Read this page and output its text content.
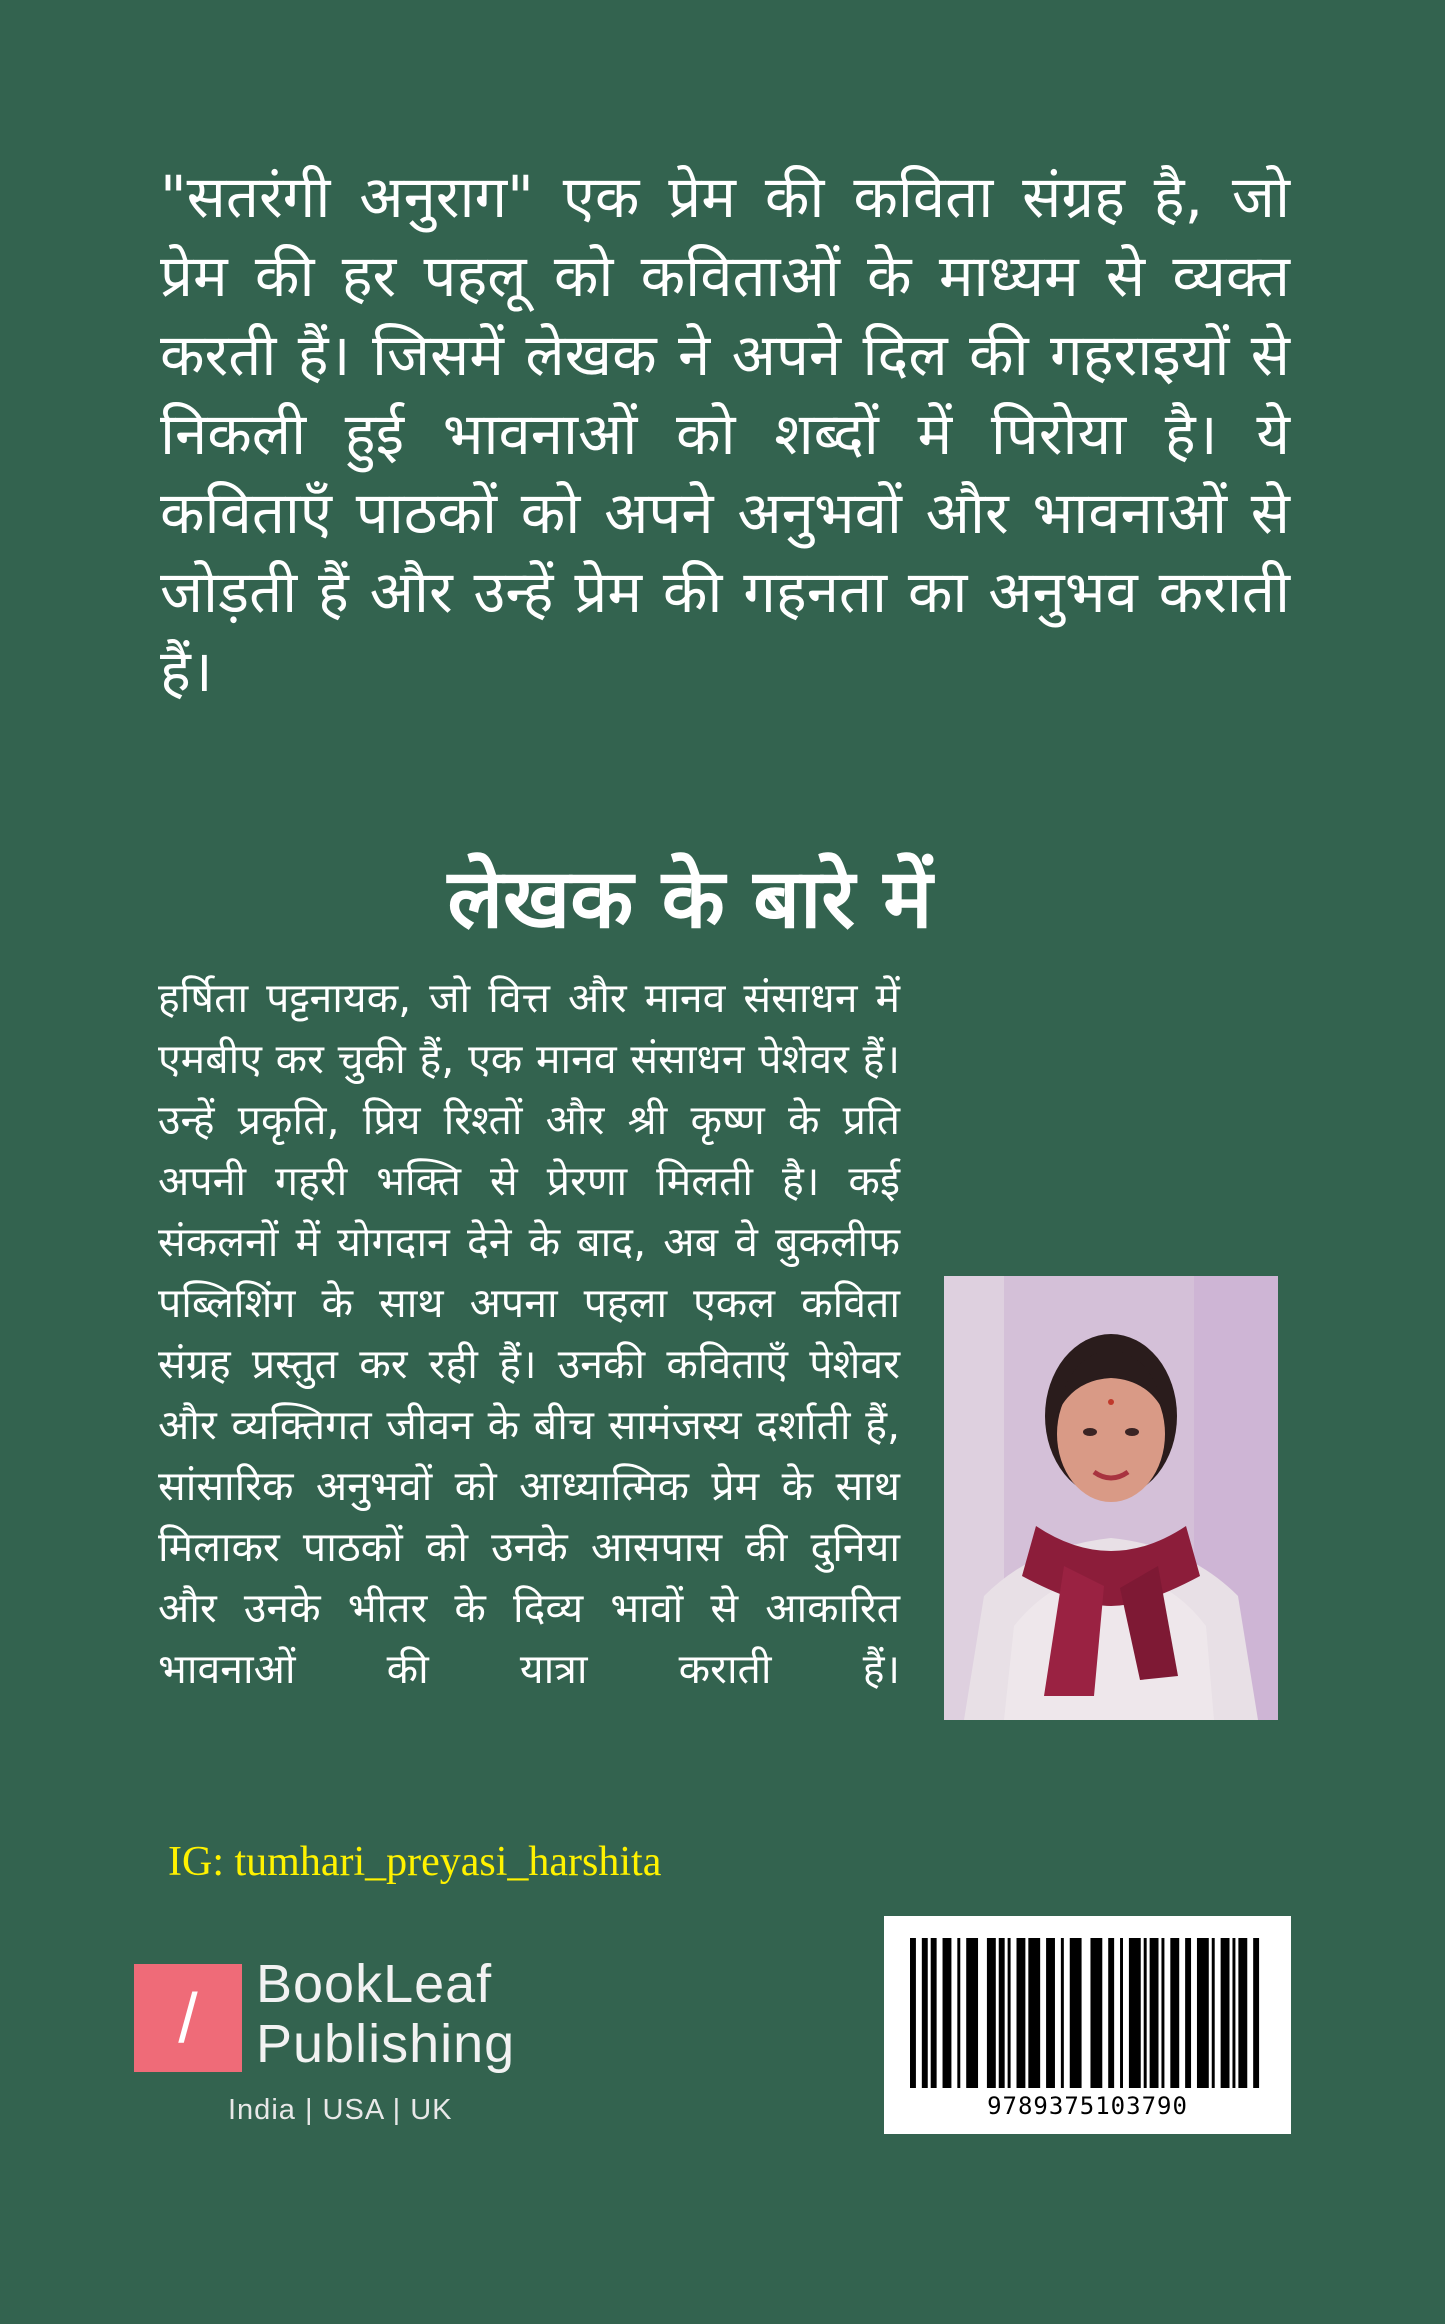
"सतरंगी अनुराग" एक प्रेम की कविता संग्रह है, जो प्रेम की हर पहलू को कविताओं के माध्यम से व्यक्त करती हैं। जिसमें लेखक ने अपने दिल की गहराइयों से निकली हुई भावनाओं को शब्दों में पिरोया है। ये कविताएँ पाठकों को अपने अनुभवों और भावनाओं से जोड़ती हैं और उन्हें प्रेम की गहनता का अनुभव कराती हैं।

लेखक के बारे में

हर्षिता पट्टनायक, जो वित्त और मानव संसाधन में एमबीए कर चुकी हैं, एक मानव संसाधन पेशेवर हैं। उन्हें प्रकृति, प्रिय रिश्तों और श्री कृष्ण के प्रति अपनी गहरी भक्ति से प्रेरणा मिलती है। कई संकलनों में योगदान देने के बाद, अब वे बुकलीफ पब्लिशिंग के साथ अपना पहला एकल कविता संग्रह प्रस्तुत कर रही हैं। उनकी कविताएँ पेशेवर और व्यक्तिगत जीवन के बीच सामंजस्य दर्शाती हैं, सांसारिक अनुभवों को आध्यात्मिक प्रेम के साथ मिलाकर पाठकों को उनके आसपास की दुनिया और उनके भीतर के दिव्य भावों से आकारित भावनाओं की यात्रा कराती हैं।

IG: tumhari_preyasi_harshita

/	BookLeaf
Publishing
India | USA | UK	9789375103790
